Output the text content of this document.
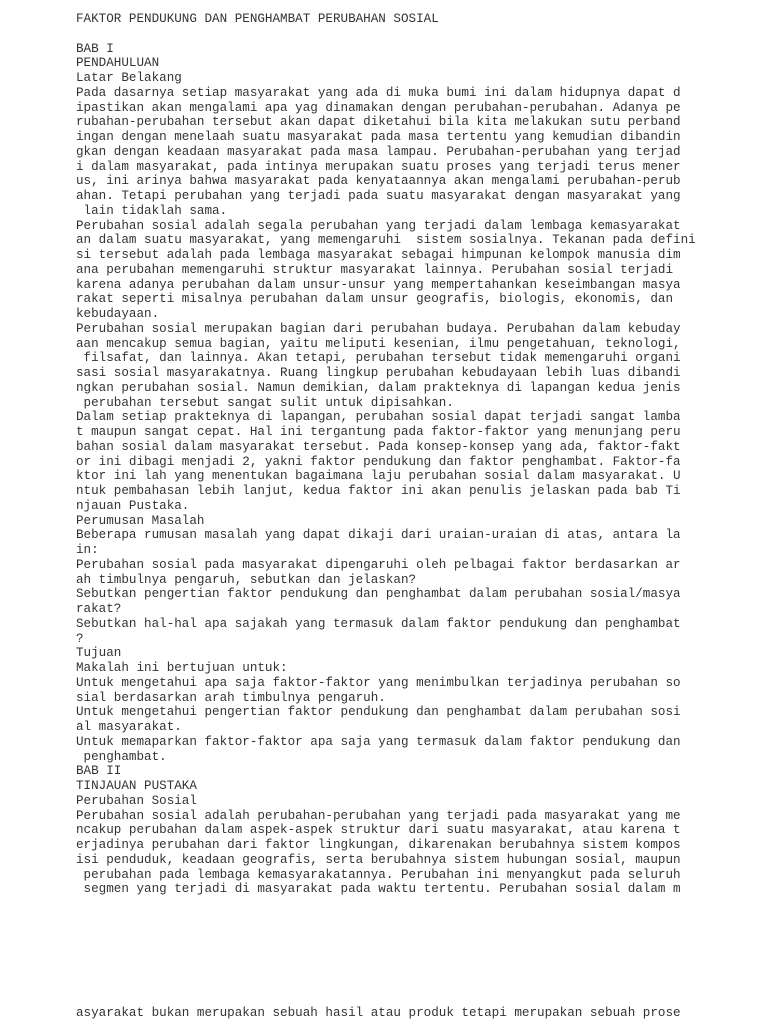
FAKTOR PENDUKUNG DAN PENGHAMBAT PERUBAHAN SOSIAL
BAB I
PENDAHULUAN
Latar Belakang
Pada dasarnya setiap masyarakat yang ada di muka bumi ini dalam hidupnya dapat d
ipastikan akan mengalami apa yag dinamakan dengan perubahan-perubahan. Adanya pe
rubahan-perubahan tersebut akan dapat diketahui bila kita melakukan sutu perband
ingan dengan menelaah suatu masyarakat pada masa tertentu yang kemudian dibandin
gkan dengan keadaan masyarakat pada masa lampau. Perubahan-perubahan yang terjad
i dalam masyarakat, pada intinya merupakan suatu proses yang terjadi terus mener
us, ini arinya bahwa masyarakat pada kenyataannya akan mengalami perubahan-perub
ahan. Tetapi perubahan yang terjadi pada suatu masyarakat dengan masyarakat yang
lain tidaklah sama.
Perubahan sosial adalah segala perubahan yang terjadi dalam lembaga kemasyarakat
an dalam suatu masyarakat, yang memengaruhi  sistem sosialnya. Tekanan pada defini
si tersebut adalah pada lembaga masyarakat sebagai himpunan kelompok manusia dim
ana perubahan memengaruhi struktur masyarakat lainnya. Perubahan sosial terjadi
karena adanya perubahan dalam unsur-unsur yang mempertahankan keseimbangan masya
rakat seperti misalnya perubahan dalam unsur geografis, biologis, ekonomis, dan
kebudayaan.
Perubahan sosial merupakan bagian dari perubahan budaya. Perubahan dalam kebuday
aan mencakup semua bagian, yaitu meliputi kesenian, ilmu pengetahuan, teknologi,
filsafat, dan lainnya. Akan tetapi, perubahan tersebut tidak memengaruhi organi
sasi sosial masyarakatnya. Ruang lingkup perubahan kebudayaan lebih luas dibandi
ngkan perubahan sosial. Namun demikian, dalam prakteknya di lapangan kedua jenis
perubahan tersebut sangat sulit untuk dipisahkan.
Dalam setiap prakteknya di lapangan, perubahan sosial dapat terjadi sangat lamba
t maupun sangat cepat. Hal ini tergantung pada faktor-faktor yang menunjang peru
bahan sosial dalam masyarakat tersebut. Pada konsep-konsep yang ada, faktor-fakt
or ini dibagi menjadi 2, yakni faktor pendukung dan faktor penghambat. Faktor-fa
ktor ini lah yang menentukan bagaimana laju perubahan sosial dalam masyarakat. U
ntuk pembahasan lebih lanjut, kedua faktor ini akan penulis jelaskan pada bab Ti
njauan Pustaka.
Perumusan Masalah
Beberapa rumusan masalah yang dapat dikaji dari uraian-uraian di atas, antara la
in:
Perubahan sosial pada masyarakat dipengaruhi oleh pelbagai faktor berdasarkan ar
ah timbulnya pengaruh, sebutkan dan jelaskan?
Sebutkan pengertian faktor pendukung dan penghambat dalam perubahan sosial/masya
rakat?
Sebutkan hal-hal apa sajakah yang termasuk dalam faktor pendukung dan penghambat
?
Tujuan
Makalah ini bertujuan untuk:
Untuk mengetahui apa saja faktor-faktor yang menimbulkan terjadinya perubahan so
sial berdasarkan arah timbulnya pengaruh.
Untuk mengetahui pengertian faktor pendukung dan penghambat dalam perubahan sosi
al masyarakat.
Untuk memaparkan faktor-faktor apa saja yang termasuk dalam faktor pendukung dan
penghambat.
BAB II
TINJAUAN PUSTAKA
Perubahan Sosial
Perubahan sosial adalah perubahan-perubahan yang terjadi pada masyarakat yang me
ncakup perubahan dalam aspek-aspek struktur dari suatu masyarakat, atau karena t
erjadinya perubahan dari faktor lingkungan, dikarenakan berubahnya sistem kompos
isi penduduk, keadaan geografis, serta berubahnya sistem hubungan sosial, maupun
perubahan pada lembaga kemasyarakatannya. Perubahan ini menyangkut pada seluruh
segmen yang terjadi di masyarakat pada waktu tertentu. Perubahan sosial dalam m
asyarakat bukan merupakan sebuah hasil atau produk tetapi merupakan sebuah prose
